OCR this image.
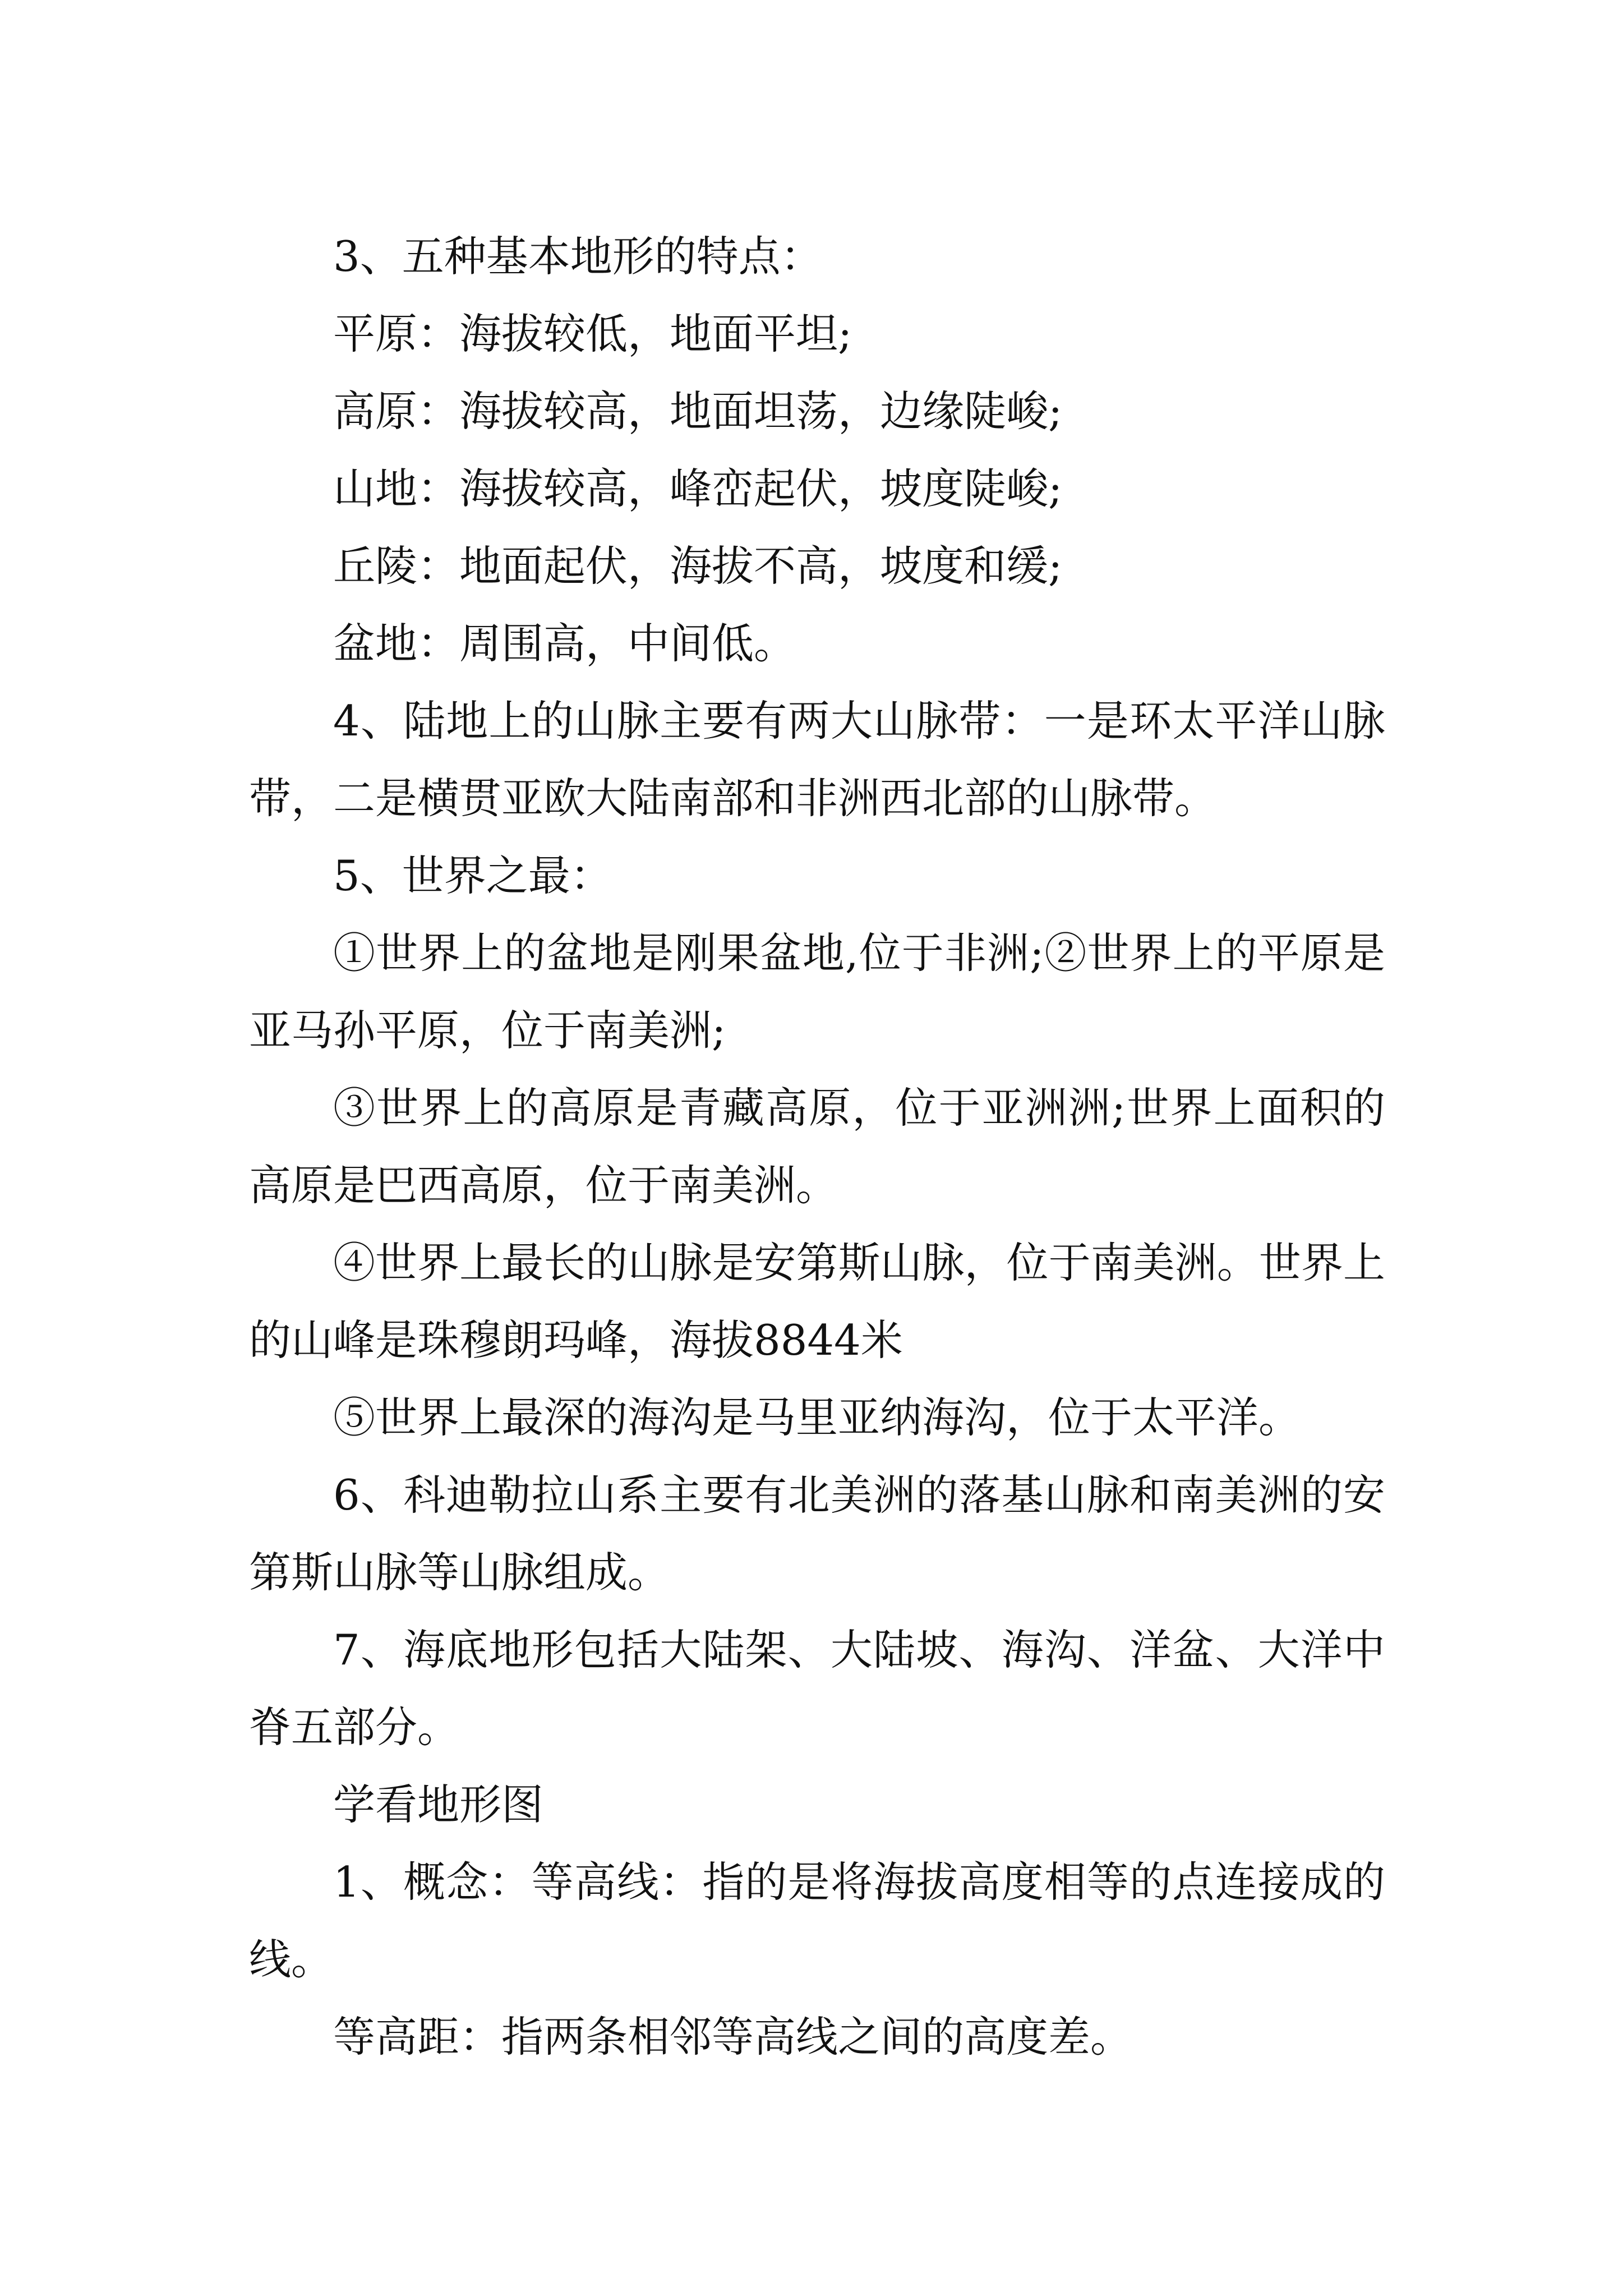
3、五种基本地形的特点：

平原：海拔较低，地面平坦;

高原：海拔较高，地面坦荡，边缘陡峻;

山地：海拔较高，峰峦起伏，坡度陡峻;

丘陵：地面起伏，海拔不高，坡度和缓;

盆地：周围高，中间低。

4、陆地上的山脉主要有两大山脉带：一是环太平洋山脉带，二是横贯亚欧大陆南部和非洲西北部的山脉带。

5、世界之最：

①世界上的盆地是刚果盆地,位于非洲;②世界上的平原是亚马孙平原，位于南美洲;

③世界上的高原是青藏高原，位于亚洲洲;世界上面积的高原是巴西高原，位于南美洲。

④世界上最长的山脉是安第斯山脉，位于南美洲。世界上的山峰是珠穆朗玛峰，海拔8844米

⑤世界上最深的海沟是马里亚纳海沟，位于太平洋。

6、科迪勒拉山系主要有北美洲的落基山脉和南美洲的安第斯山脉等山脉组成。

7、海底地形包括大陆架、大陆坡、海沟、洋盆、大洋中脊五部分。

学看地形图

1、概念：等高线：指的是将海拔高度相等的点连接成的线。

等高距：指两条相邻等高线之间的高度差。
